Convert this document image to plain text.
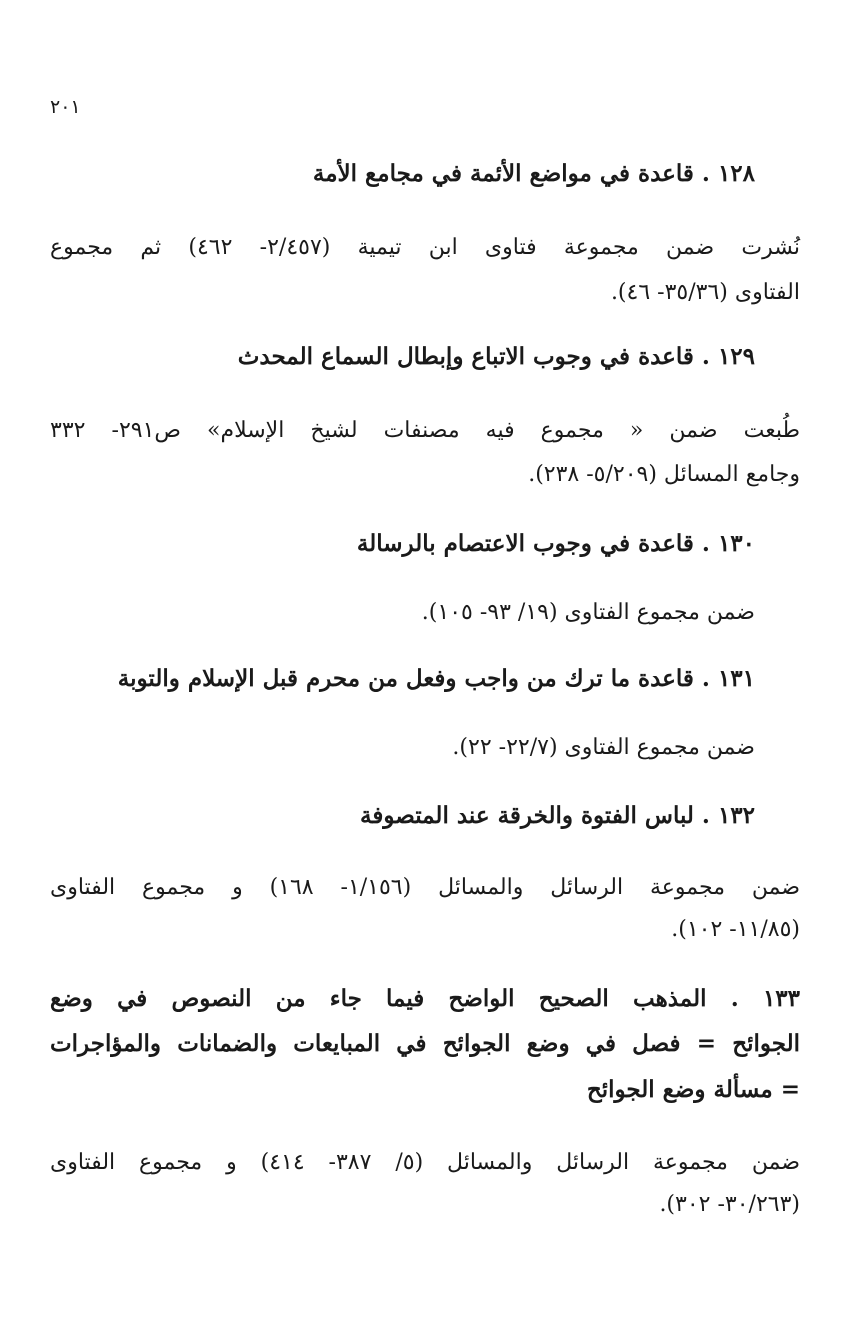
٢٠١
١٢٨ . قاعدة في مواضع الأئمة في مجامع الأمة
نُشرت ضمن مجموعة فتاوى ابن تيمية (٢/٤٥٧- ٤٦٢) ثم مجموع
الفتاوى (٣٥/٣٦- ٤٦).
١٢٩ . قاعدة في وجوب الاتباع وإبطال السماع المحدث
طُبعت ضمن « مجموع فيه مصنفات لشيخ الإسلام» ص٢٩١- ٣٣٢
وجامع المسائل (٥/٢٠٩- ٢٣٨).
١٣٠ . قاعدة في وجوب الاعتصام بالرسالة
ضمن مجموع الفتاوى (١٩/ ٩٣- ١٠٥).
١٣١ . قاعدة ما ترك من واجب وفعل من محرم قبل الإسلام والتوبة
ضمن مجموع الفتاوى (٢٢/٧- ٢٢).
١٣٢ . لباس الفتوة والخرقة عند المتصوفة
ضمن مجموعة الرسائل والمسائل (١/١٥٦- ١٦٨) و مجموع الفتاوى
(١١/٨٥- ١٠٢).
١٣٣ . المذهب الصحيح الواضح فيما جاء من النصوص في وضع
الجوائح = فصل في وضع الجوائح في المبايعات والضمانات والمؤاجرات
= مسألة وضع الجوائح
ضمن مجموعة الرسائل والمسائل (٥/ ٣٨٧- ٤١٤) و مجموع الفتاوى
(٣٠/٢٦٣- ٣٠٢).
